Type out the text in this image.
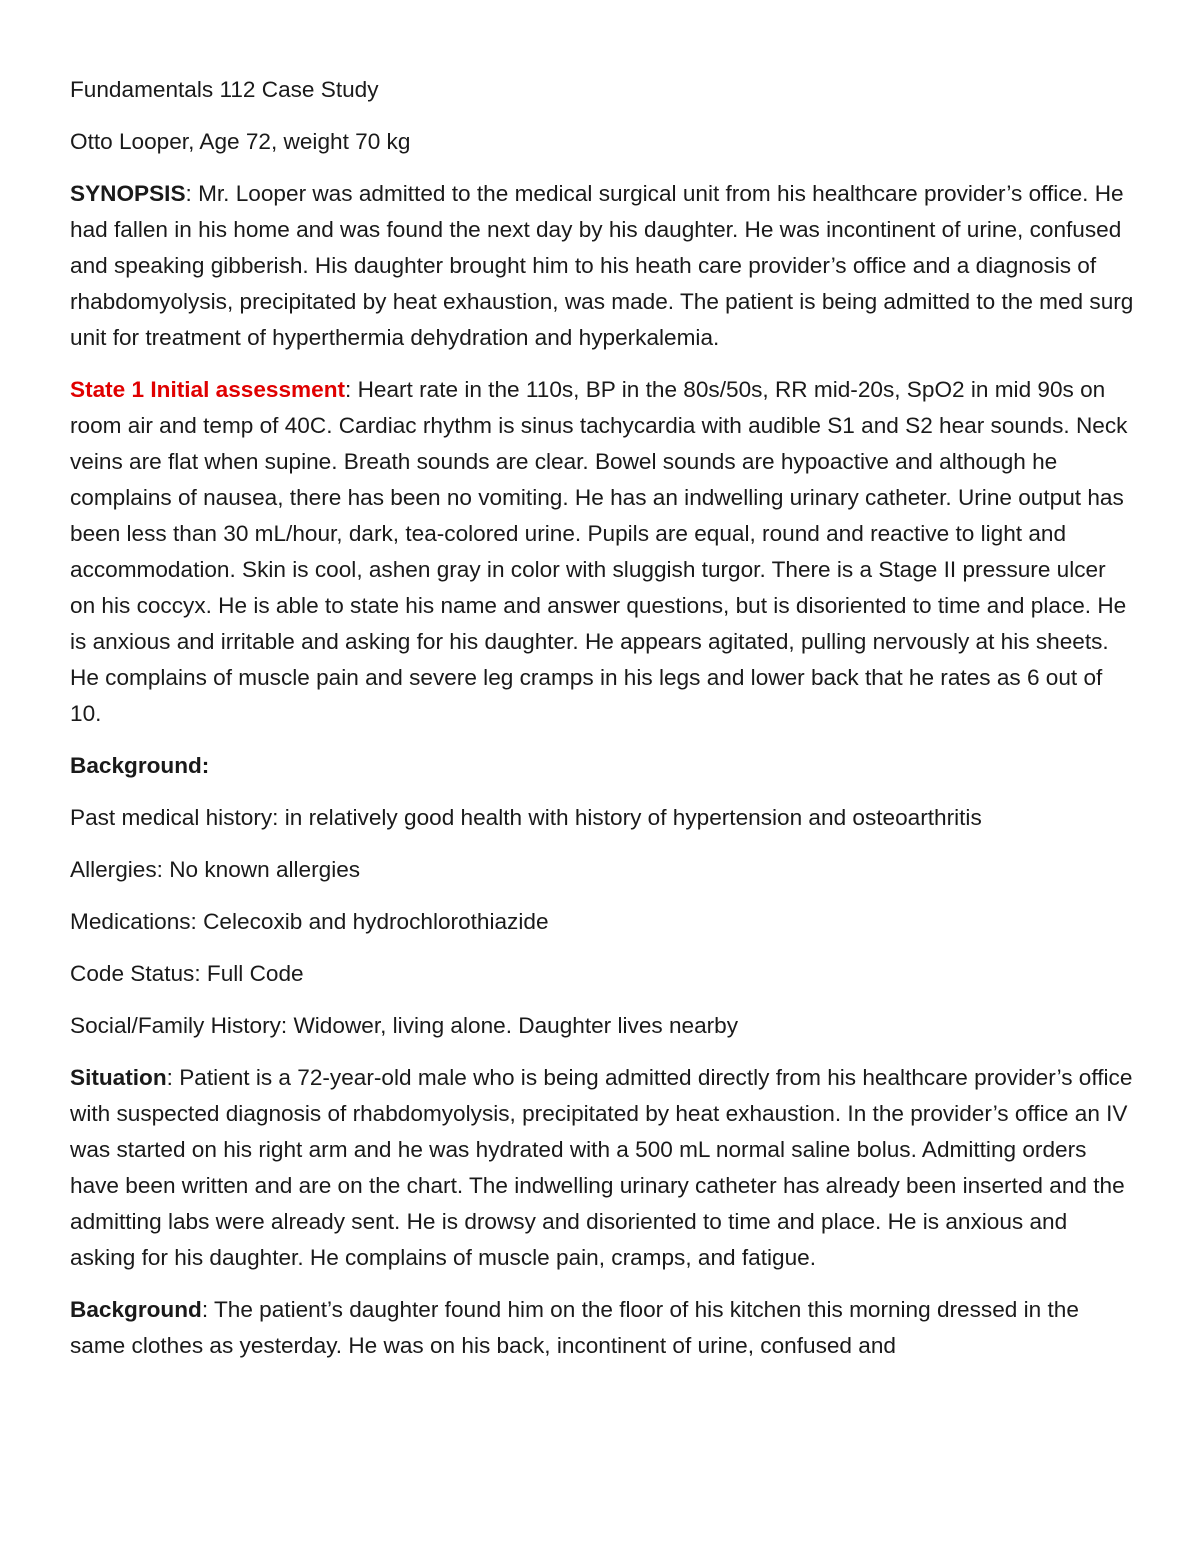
Fundamentals 112 Case Study

Otto Looper, Age 72, weight 70 kg

SYNOPSIS: Mr. Looper was admitted to the medical surgical unit from his healthcare provider’s office. He had fallen in his home and was found the next day by his daughter. He was incontinent of urine, confused and speaking gibberish. His daughter brought him to his heath care provider’s office and a diagnosis of rhabdomyolysis, precipitated by heat exhaustion, was made. The patient is being admitted to the med surg unit for treatment of hyperthermia dehydration and hyperkalemia.

State 1 Initial assessment: Heart rate in the 110s, BP in the 80s/50s, RR mid-20s, SpO2 in mid 90s on room air and temp of 40C. Cardiac rhythm is sinus tachycardia with audible S1 and S2 hear sounds. Neck veins are flat when supine. Breath sounds are clear. Bowel sounds are hypoactive and although he complains of nausea, there has been no vomiting. He has an indwelling urinary catheter. Urine output has been less than 30 mL/hour, dark, tea-colored urine. Pupils are equal, round and reactive to light and accommodation. Skin is cool, ashen gray in color with sluggish turgor. There is a Stage II pressure ulcer on his coccyx. He is able to state his name and answer questions, but is disoriented to time and place. He is anxious and irritable and asking for his daughter. He appears agitated, pulling nervously at his sheets. He complains of muscle pain and severe leg cramps in his legs and lower back that he rates as 6 out of 10.

Background:

Past medical history: in relatively good health with history of hypertension and osteoarthritis

Allergies: No known allergies

Medications: Celecoxib and hydrochlorothiazide

Code Status: Full Code

Social/Family History: Widower, living alone. Daughter lives nearby

Situation: Patient is a 72-year-old male who is being admitted directly from his healthcare provider’s office with suspected diagnosis of rhabdomyolysis, precipitated by heat exhaustion. In the provider’s office an IV was started on his right arm and he was hydrated with a 500 mL normal saline bolus. Admitting orders have been written and are on the chart. The indwelling urinary catheter has already been inserted and the admitting labs were already sent. He is drowsy and disoriented to time and place. He is anxious and asking for his daughter. He complains of muscle pain, cramps, and fatigue.

Background: The patient’s daughter found him on the floor of his kitchen this morning dressed in the same clothes as yesterday. He was on his back, incontinent of urine, confused and
